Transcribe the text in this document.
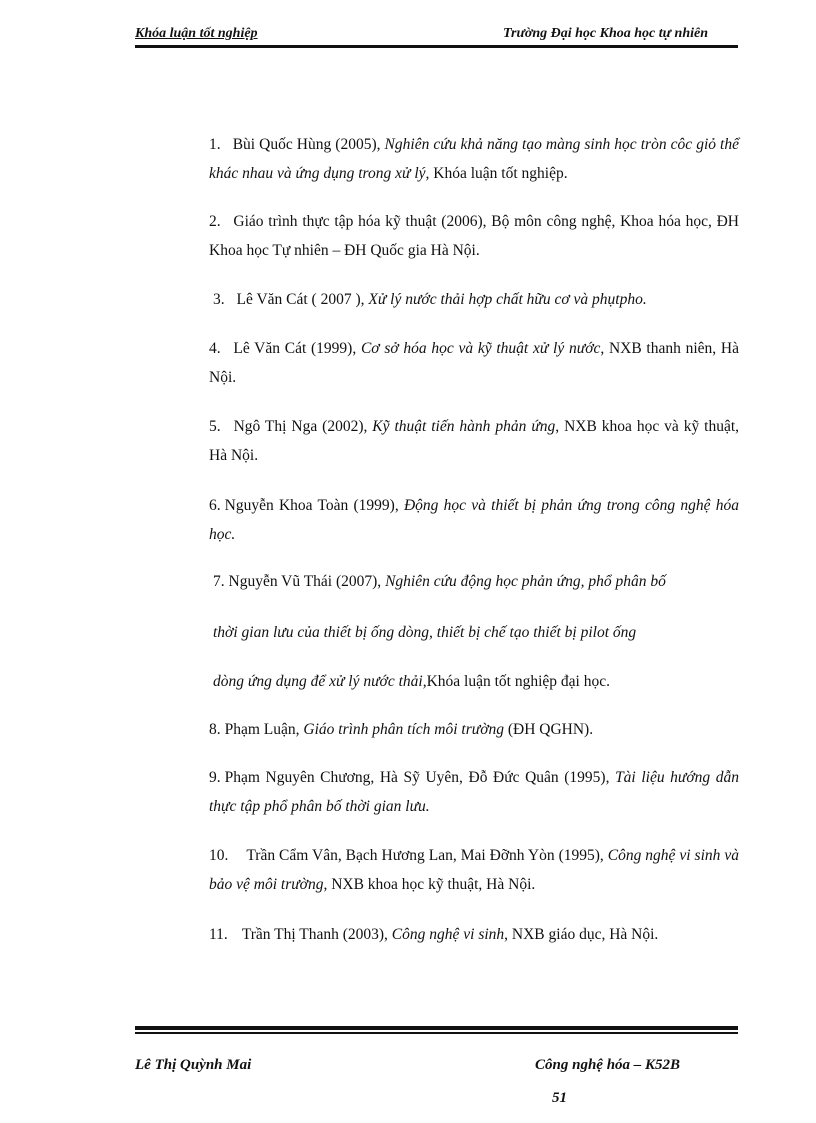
Khóa luận tốt nghiệp	Trường Đại học Khoa học tự nhiên
1. Bùi Quốc Hùng (2005), Nghiên cứu khả năng tạo màng sinh học tròn côc giỏ thể khác nhau và ứng dụng trong xử lý, Khóa luận tốt nghiệp.
2. Giáo trình thực tập hóa kỹ thuật (2006), Bộ môn công nghệ, Khoa hóa học, ĐH Khoa học Tự nhiên – ĐH Quốc gia Hà Nội.
3. Lê Văn Cát ( 2007 ), Xử lý nước thải hợp chất hữu cơ và phụtpho.
4. Lê Văn Cát (1999), Cơ sở hóa học và kỹ thuật xử lý nước, NXB thanh niên, Hà Nội.
5. Ngô Thị Nga (2002), Kỹ thuật tiến hành phản ứng, NXB khoa học và kỹ thuật, Hà Nội.
6. Nguyễn Khoa Toàn (1999), Động học và thiết bị phản ứng trong công nghệ hóa học.
7. Nguyễn Vũ Thái (2007), Nghiên cứu động học phản ứng, phổ phân bố
thời gian lưu của thiết bị ống dòng, thiết bị chế tạo thiết bị pilot ống
dòng ứng dụng để xử lý nước thải,Khóa luận tốt nghiệp đại học.
8. Phạm Luận, Giáo trình phân tích môi trường (ĐH QGHN).
9. Phạm Nguyên Chương, Hà Sỹ Uyên, Đỗ Đức Quân (1995), Tài liệu hướng dẫn thực tập phổ phân bố thời gian lưu.
10. Trần Cẩm Vân, Bạch Hương Lan, Mai Đỡnh Yòn (1995), Công nghệ vi sinh và bảo vệ môi trường, NXB khoa học kỹ thuật, Hà Nội.
11. Trần Thị Thanh (2003), Công nghệ vi sinh, NXB giáo dục, Hà Nội.
Lê Thị Quỳnh Mai	Công nghệ hóa – K52B
51
